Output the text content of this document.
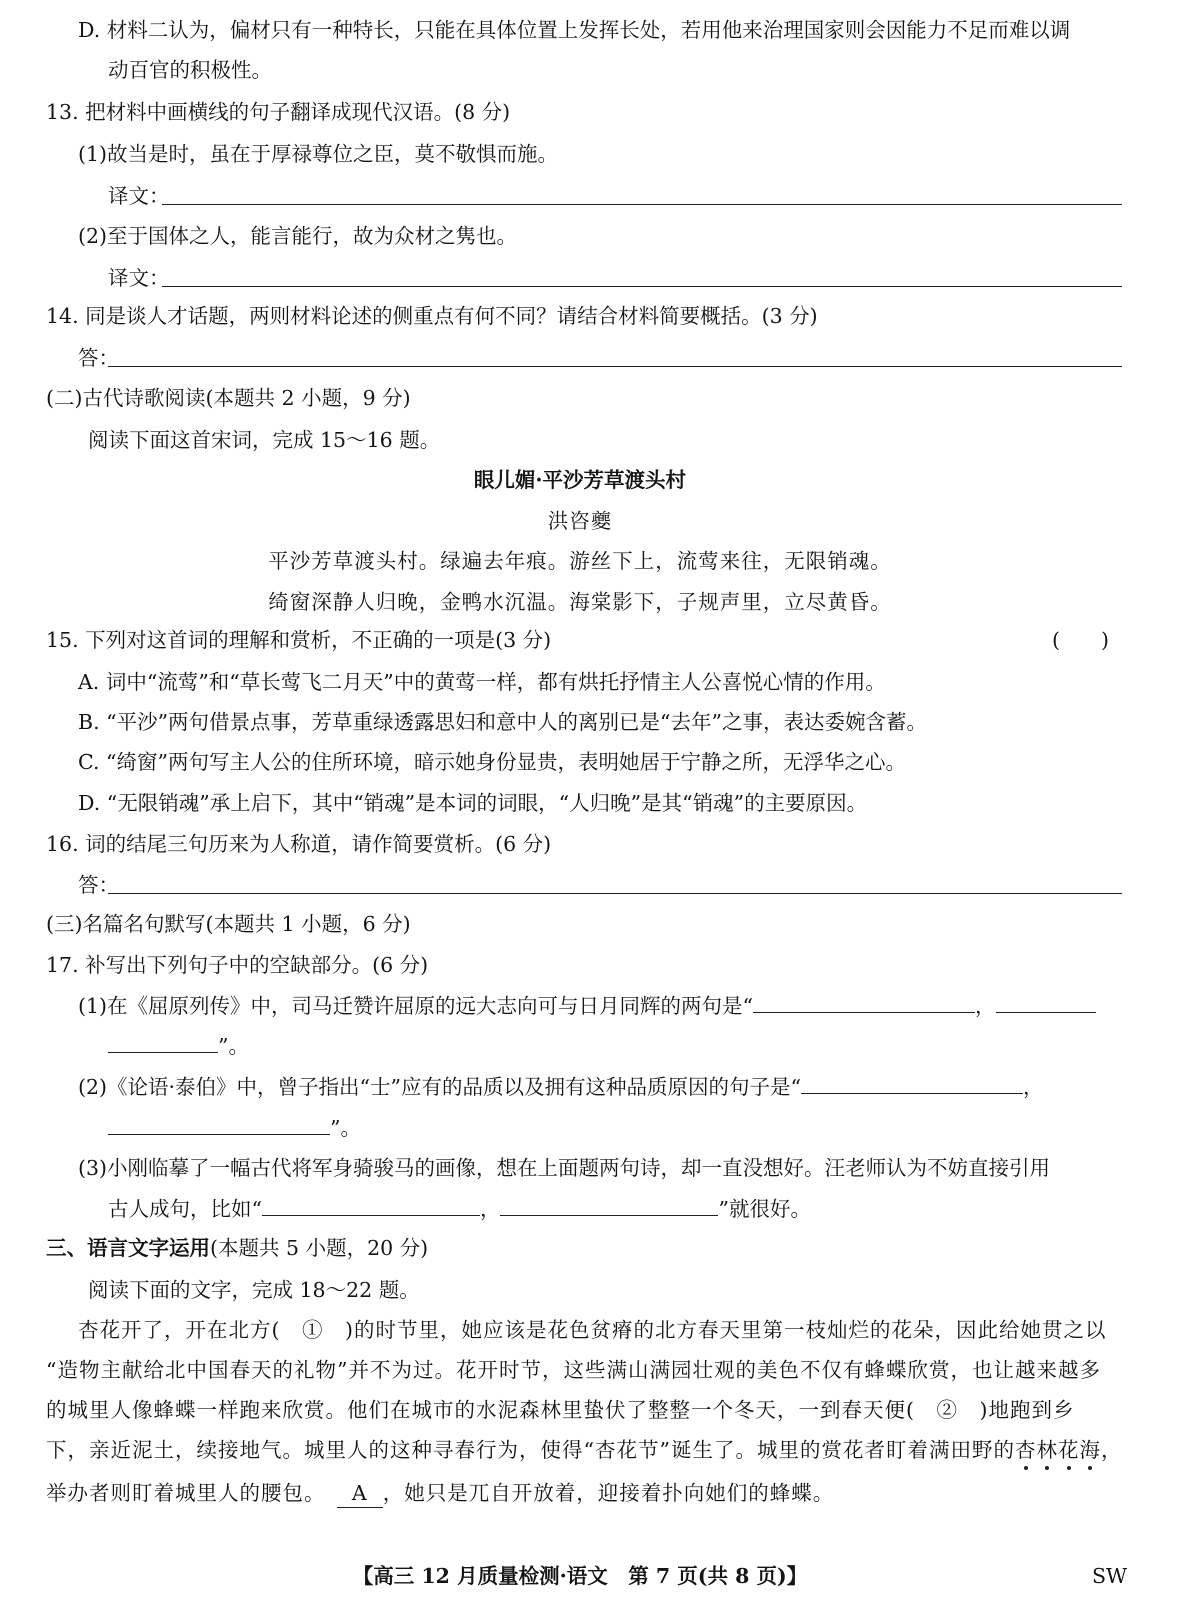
D. 材料二认为，偏材只有一种特长，只能在具体位置上发挥长处，若用他来治理国家则会因能力不足而难以调
动百官的积极性。
13. 把材料中画横线的句子翻译成现代汉语。(8 分)
(1)故当是时，虽在于厚禄尊位之臣，莫不敬惧而施。
译文：
(2)至于国体之人，能言能行，故为众材之隽也。
译文：
14. 同是谈人才话题，两则材料论述的侧重点有何不同？请结合材料简要概括。(3 分)
答：
(二)古代诗歌阅读(本题共 2 小题，9 分)
阅读下面这首宋词，完成 15～16 题。
眼儿媚·平沙芳草渡头村
洪咨夔
平沙芳草渡头村。绿遍去年痕。游丝下上，流莺来往，无限销魂。
绮窗深静人归晚，金鸭水沉温。海棠影下，子规声里，立尽黄昏。
15. 下列对这首词的理解和赏析，不正确的一项是(3 分)	(　　)
A. 词中“流莺”和“草长莺飞二月天”中的黄莺一样，都有烘托抒情主人公喜悦心情的作用。
B. “平沙”两句借景点事，芳草重绿透露思妇和意中人的离别已是“去年”之事，表达委婉含蓄。
C. “绮窗”两句写主人公的住所环境，暗示她身份显贵，表明她居于宁静之所，无浮华之心。
D. “无限销魂”承上启下，其中“销魂”是本词的词眼，“人归晚”是其“销魂”的主要原因。
16. 词的结尾三句历来为人称道，请作简要赏析。(6 分)
答：
(三)名篇名句默写(本题共 1 小题，6 分)
17. 补写出下列句子中的空缺部分。(6 分)
(1)在《屈原列传》中，司马迁赞许屈原的远大志向可与日月同辉的两句是“	，
”。
(2)《论语·泰伯》中，曾子指出“士”应有的品质以及拥有这种品质原因的句子是“	，
”。
(3)小刚临摹了一幅古代将军身骑骏马的画像，想在上面题两句诗，却一直没想好。汪老师认为不妨直接引用
古人成句，比如“	，	”就很好。
三、语言文字运用(本题共 5 小题，20 分)
阅读下面的文字，完成 18～22 题。
杏花开了，开在北方(  ①  )的时节里，她应该是花色贫瘠的北方春天里第一枝灿烂的花朵，因此给她贯之以
“造物主献给北中国春天的礼物”并不为过。花开时节，这些满山满园壮观的美色不仅有蜂蝶欣赏，也让越来越多
的城里人像蜂蝶一样跑来欣赏。他们在城市的水泥森林里蛰伏了整整一个冬天，一到春天便(  ②  )地跑到乡
下，亲近泥土，续接地气。城里人的这种寻春行为，使得“杏花节”诞生了。城里的赏花者盯着满田野的杏林花海，
举办者则盯着城里人的腰包。  A ，她只是兀自开放着，迎接着扑向她们的蜂蝶。
【高三 12 月质量检测·语文　第 7 页(共 8 页)】	SW
